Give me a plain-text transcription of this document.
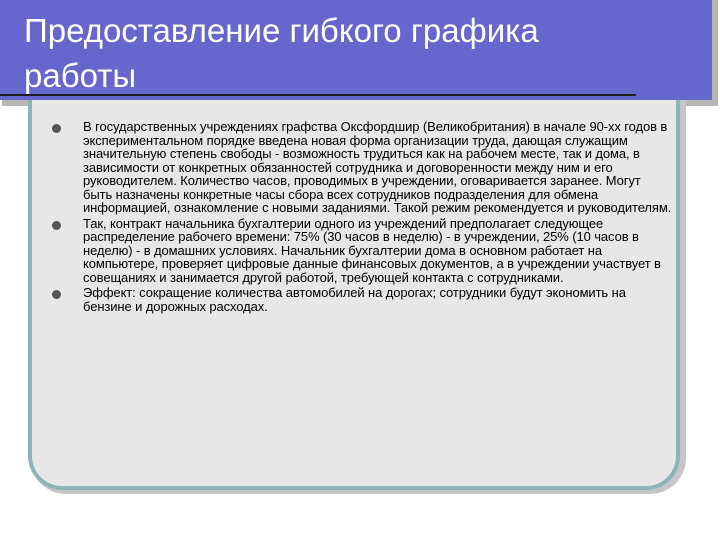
Предоставление гибкого графика работы
В государственных учреждениях графства Оксфордшир (Великобритания) в начале 90-хх годов в экспериментальном порядке введена новая форма организации труда, дающая служащим значительную степень свободы - возможность трудиться как на рабочем месте, так и дома, в зависимости от конкретных обязанностей сотрудника и договоренности между ним и его руководителем. Количество часов, проводимых в учреждении, оговаривается заранее. Могут быть назначены конкретные часы сбора всех сотрудников подразделения для обмена информацией, ознакомление с новыми заданиями. Такой режим рекомендуется и руководителям.
Так, контракт начальника бухгалтерии одного из учреждений предполагает следующее распределение рабочего времени: 75% (30 часов в неделю) - в учреждении, 25% (10 часов в неделю) - в домашних условиях. Начальник бухгалтерии дома в основном работает на компьютере, проверяет цифровые данные финансовых документов, а в учреждении участвует в совещаниях и занимается другой работой, требующей контакта с сотрудниками.
Эффект: сокращение количества автомобилей на дорогах; сотрудники будут экономить на бензине и дорожных расходах.
